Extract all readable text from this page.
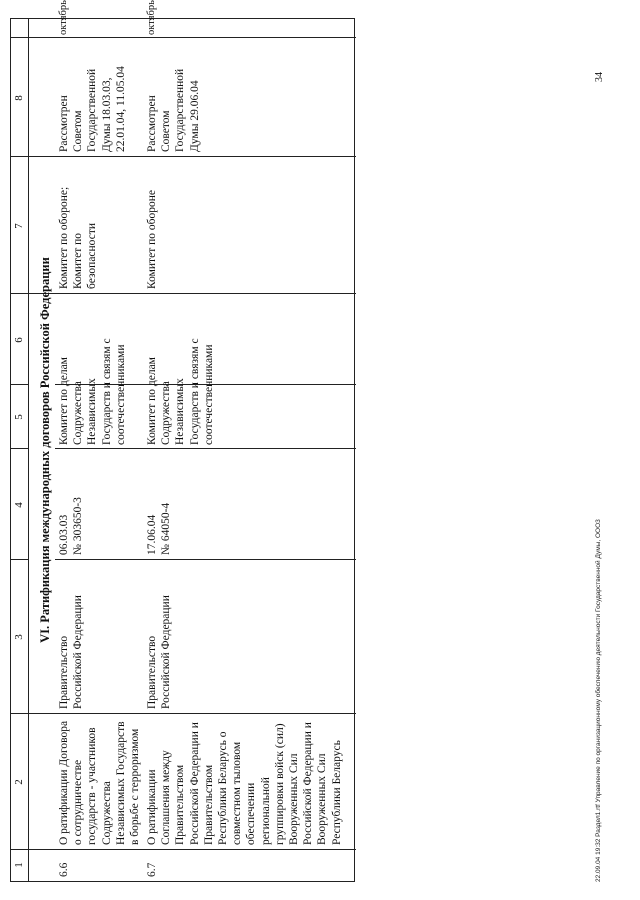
1
2
3
4
5
6
7
8
VI. Ратификация международных договоров Российской Федерации
6.6
О ратификации Договора
о сотрудничестве
государств - участников
Содружества
Независимых Государств
в борьбе с терроризмом
Правительство
Российской Федерации
06.03.03
№ 303650-3
Комитет по делам
Содружества
Независимых
Государств и связям с
соотечественниками
Комитет по обороне;
Комитет по
безопасности
Рассмотрен
Советом
Государственной
Думы 18.03.03,
22.01.04, 11.05.04
октябрь
6.7
О ратификации
Соглашения между
Правительством
Российской Федерации и
Правительством
Республики Беларусь о
совместном тыловом
обеспечении
региональной
группировки войск (сил)
Вооруженных Сил
Российской Федерации и
Вооруженных Сил
Республики Беларусь
Правительство
Российской Федерации
17.06.04
№ 64050-4
Комитет по делам
Содружества
Независимых
Государств и связям с
соотечественниками
Комитет по обороне
Рассмотрен
Советом
Государственной
Думы 29.06.04
октябрь
34
22.09.04 19:32 Раздел1.rtf Управление по организационному обеспечению деятельности Государственной Думы, ООО3
